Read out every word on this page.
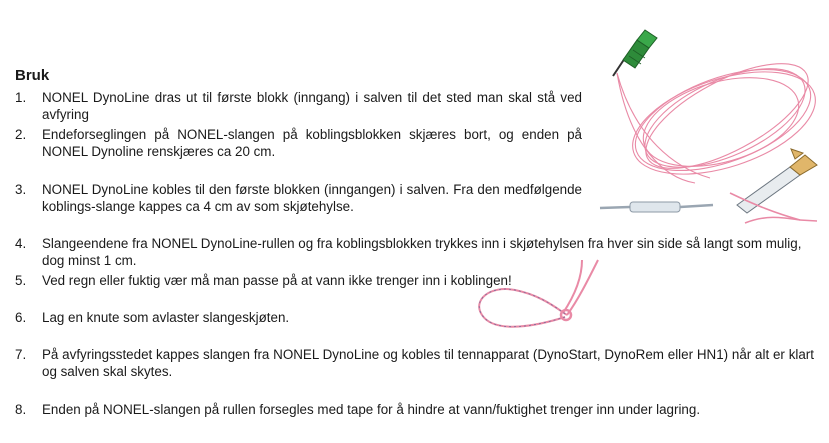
Bruk
1.	NONEL DynoLine dras ut til første blokk (inngang) i salven til det sted man skal stå ved avfyring
2.	Endeforseglingen på NONEL-slangen på koblingsblokken skjæres bort, og enden på NONEL Dynoline renskjæres ca 20 cm.
3.	NONEL DynoLine kobles til den første blokken (inngangen) i salven. Fra den medfølgende koblings-slange kappes ca 4 cm av som skjøtehylse.
4.	Slangeendene fra NONEL DynoLine-rullen og fra koblingsblokken trykkes inn i skjøtehylsen fra hver sin side så langt som mulig, dog minst 1 cm.
5.	Ved regn eller fuktig vær må man passe på at vann ikke trenger inn i koblingen!
6.	Lag en knute som avlaster slangeskjøten.
7.	På avfyringsstedet kappes slangen fra NONEL DynoLine og kobles til tennapparat (DynoStart, DynoRem eller HN1) når alt er klart og salven skal skytes.
8.	Enden på NONEL-slangen på rullen forsegles med tape for å hindre at vann/fuktighet trenger inn under lagring.
